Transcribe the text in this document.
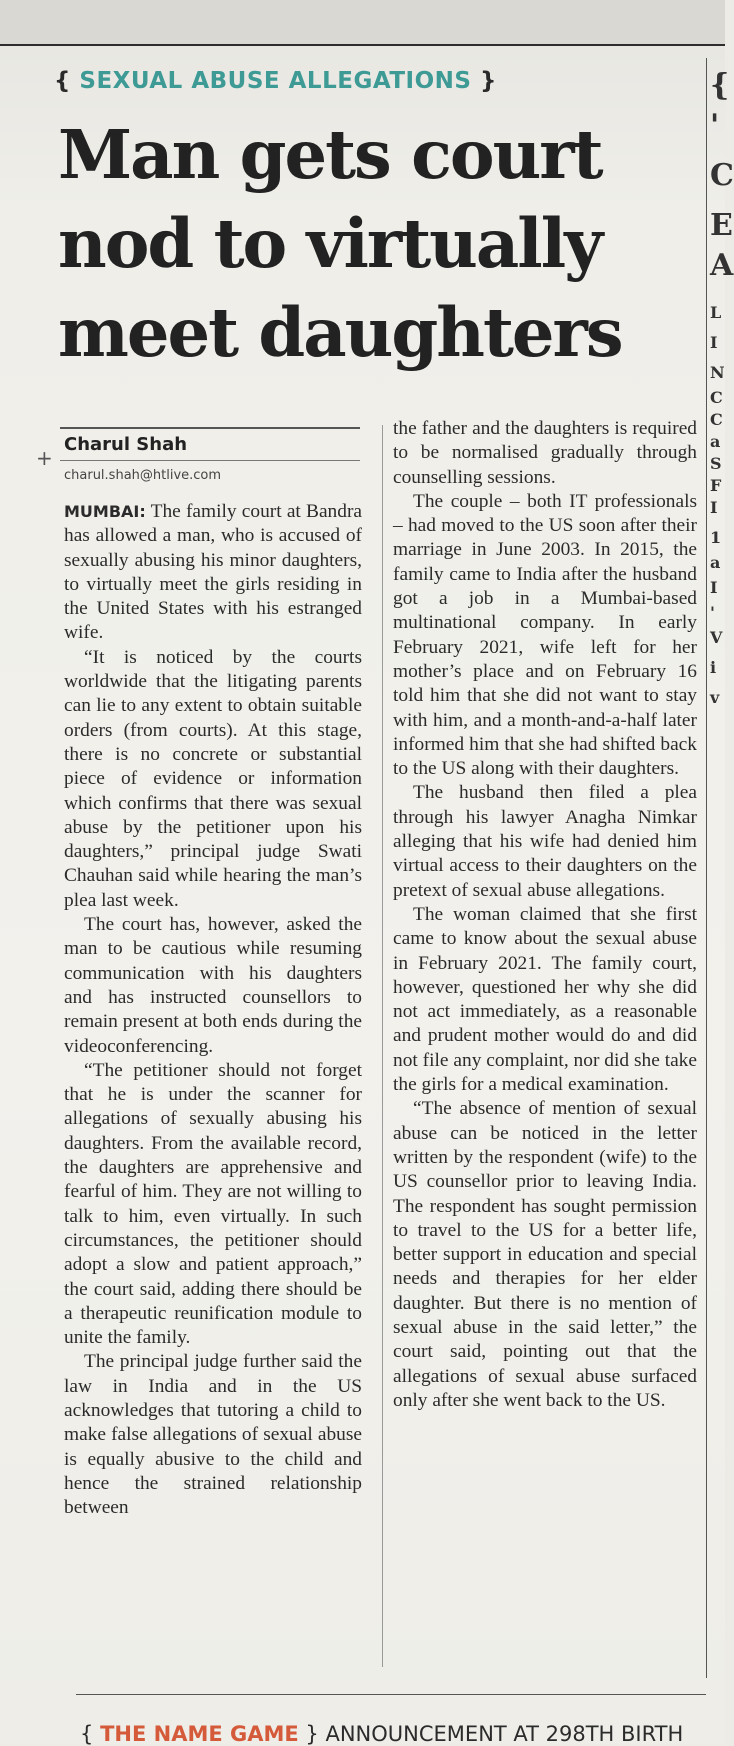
{ SEXUAL ABUSE ALLEGATIONS }
Man gets court nod to virtually meet daughters
+
Charul Shah
charul.shah@htlive.com

MUMBAI: The family court at Bandra has allowed a man, who is accused of sexually abusing his minor daughters, to virtually meet the girls residing in the United States with his estranged wife.

“It is noticed by the courts worldwide that the litigating parents can lie to any extent to obtain suitable orders (from courts). At this stage, there is no concrete or substantial piece of evidence or information which confirms that there was sexual abuse by the petitioner upon his daughters,” principal judge Swati Chauhan said while hearing the man’s plea last week.

The court has, however, asked the man to be cautious while resuming communication with his daughters and has instructed counsellors to remain present at both ends during the videoconferencing.

“The petitioner should not forget that he is under the scanner for allegations of sexually abusing his daughters. From the available record, the daughters are apprehensive and fearful of him. They are not willing to talk to him, even virtually. In such circumstances, the petitioner should adopt a slow and patient approach,” the court said, adding there should be a therapeutic reunification module to unite the family.

The principal judge further said the law in India and in the US acknowledges that tutoring a child to make false allegations of sexual abuse is equally abusive to the child and hence the strained relationship between

the father and the daughters is required to be normalised gradually through counselling sessions.

The couple – both IT professionals – had moved to the US soon after their marriage in June 2003. In 2015, the family came to India after the husband got a job in a Mumbai-based multinational company. In early February 2021, wife left for her mother’s place and on February 16 told him that she did not want to stay with him, and a month-and-a-half later informed him that she had shifted back to the US along with their daughters.

The husband then filed a plea through his lawyer Anagha Nimkar alleging that his wife had denied him virtual access to their daughters on the pretext of sexual abuse allegations.

The woman claimed that she first came to know about the sexual abuse in February 2021. The family court, however, questioned her why she did not act immediately, as a reasonable and prudent mother would do and did not file any complaint, nor did she take the girls for a medical examination.

“The absence of mention of sexual abuse can be noticed in the letter written by the respondent (wife) to the US counsellor prior to leaving India. The respondent has sought permission to travel to the US for a better life, better support in education and special needs and therapies for her elder daughter. But there is no mention of sexual abuse in the said letter,” the court said, pointing out that the allegations of sexual abuse surfaced only after she went back to the US.

{
'
C
E
A
L
I
N
C
C
a
S
F
I
1
a
I
'
V
i
v
{ THE NAME GAME } ANNOUNCEMENT AT 298TH BIRTH
